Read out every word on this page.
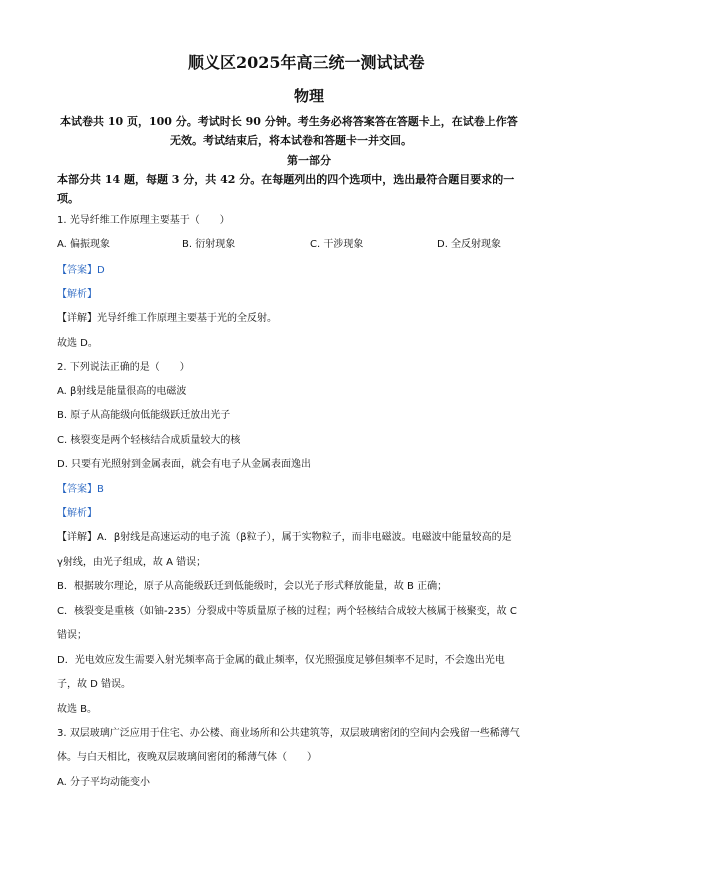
顺义区2025年高三统一测试试卷
物理
本试卷共 10 页，100 分。考试时长 90 分钟。考生务必将答案答在答题卡上，在试卷上作答
无效。考试结束后，将本试卷和答题卡一并交回。
第一部分
本部分共 14 题，每题 3 分，共 42 分。在每题列出的四个选项中，选出最符合题目要求的一
项。
1. 光导纤维工作原理主要基于（　　）
A. 偏振现象	B. 衍射现象	C. 干涉现象	D. 全反射现象
【答案】D
【解析】
【详解】光导纤维工作原理主要基于光的全反射。
故选 D。
2. 下列说法正确的是（　　）
A. β射线是能量很高的电磁波
B. 原子从高能级向低能级跃迁放出光子
C. 核裂变是两个轻核结合成质量较大的核
D. 只要有光照射到金属表面，就会有电子从金属表面逸出
【答案】B
【解析】
【详解】A．β射线是高速运动的电子流（β粒子），属于实物粒子，而非电磁波。电磁波中能量较高的是
γ射线，由光子组成，故 A 错误；
B．根据玻尔理论，原子从高能级跃迁到低能级时，会以光子形式释放能量，故 B 正确；
C．核裂变是重核（如铀-235）分裂成中等质量原子核的过程；两个轻核结合成较大核属于核聚变，故 C
错误；
D．光电效应发生需要入射光频率高于金属的截止频率，仅光照强度足够但频率不足时，不会逸出光电
子，故 D 错误。
故选 B。
3. 双层玻璃广泛应用于住宅、办公楼、商业场所和公共建筑等，双层玻璃密闭的空间内会残留一些稀薄气
体。与白天相比，夜晚双层玻璃间密闭的稀薄气体（　　）
A. 分子平均动能变小
